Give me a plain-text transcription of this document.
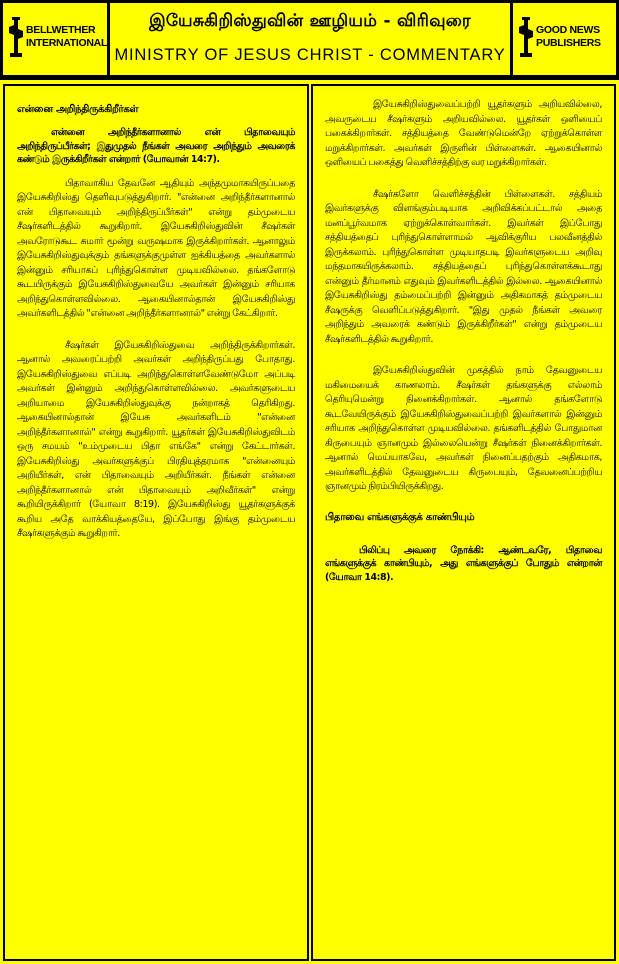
BELLWETHER
INTERNATIONAL
இயேசுகிறிஸ்துவின் ஊழியம் - விரிவுரை
MINISTRY OF JESUS CHRIST - COMMENTARY
GOOD NEWS
PUBLISHERS
என்னை அறிந்திருக்கிறீர்கள்

என்னை அறிந்தீர்களானால் என் பிதாவையும் அறிந்திருப்பீர்கள்; இதுமுதல் நீங்கள் அவரை அறிந்தும் அவரைக் கண்டும் இருக்கிறீர்கள் என்றார் (யோவான் 14:7).

பிதாவாகிய தேவனே ஆதியும் அந்தமுமாகயிருப்பதை இயேசுகிறிஸ்து தெளிவுபடுத்துகிறார். "என்னை அறிந்தீர்களானால் என் பிதாவையும் அறிந்திருப்பீர்கள்" என்று தம்முடைய சீஷர்களிடத்தில் கூறுகிறார். இயேசுகிறிஸ்துவின் சீஷர்கள் அவரோடுகூட சுமார் மூன்று வருஷமாக இருக்கிறார்கள். ஆனாலும் இயேசுகிறிஸ்துவுக்கும் தங்களுக்குமுள்ள ஐக்கியத்தை அவர்களால் இன்னும் சரியாகப் புரிந்துகொள்ள முடியவில்லை. தங்களோடு கூடயிருக்கும் இயேசுகிறிஸ்துவையே அவர்கள் இன்னும் சரியாக அறிந்துகொள்ளவில்லை. ஆகையினால்தான் இயேசுகிறிஸ்து அவர்களிடத்தில் "என்னை அறிந்தீர்களானால்" என்று கேட்கிறார்.

சீஷர்கள் இயேசுகிறிஸ்துவை அறிந்திருக்கிறார்கள். ஆனால் அவரைப்பற்றி அவர்கள் அறிந்திருப்பது போதாது. இயேசுகிறிஸ்துவை எப்படி அறிந்துகொள்ளவேண்டுமோ அப்படி அவர்கள் இன்னும் அறிந்துகொள்ளவில்லை. அவர்களுடைய அறியாமை இயேசுகிறிஸ்துவுக்கு நன்றாகத் தெரிகிறது. ஆகையினால்தான் இயேசு அவர்களிடம் "என்னை அறிந்தீர்களானால்" என்று கூறுகிறார். யூதர்கள் இயேசுகிறிஸ்துவிடம் ஒரு சமயம் "உம்முடைய பிதா எங்கே" என்று கேட்டார்கள். இயேசுகிறிஸ்து அவர்களுக்குப் பிரதியுத்தரமாக "என்னையும் அறியீர்கள், என் பிதாவையும் அறியீர்கள். நீங்கள் என்னை அறிந்தீர்களானால் என் பிதாவையும் அறிவீர்கள்" என்று கூறியிருக்கிறார் (யோவா 8:19). இயேசுகிறிஸ்து யூதர்களுக்குக் கூறிய அதே வாக்கியத்தையே, இப்போது இங்கு தம்முடைய சீஷர்களுக்கும் கூறுகிறார்.

இயேசுகிறிஸ்துவைப்பற்றி யூதர்களும் அறியவில்லை, அவருடைய சீஷர்களும் அறியவில்லை. யூதர்கள் ஒளியைப் பகைக்கிறார்கள். சத்தியத்தை வேண்டுமென்றே ஏற்றுக்கொள்ள மறுக்கிறார்கள். அவர்கள் இருளின் பிள்ளைகள். ஆகையினால் ஒளியைப் பகைத்து வெளிச்சத்திற்கு வர மறுக்கிறார்கள்.

சீஷர்களோ வெளிச்சத்தின் பிள்ளைகள். சத்தியம் இவர்களுக்கு விளங்கும்படியாக அறிவிக்கப்பட்டால் அதை மனப்பூர்வமாக ஏற்றுக்கொள்வார்கள். இவர்கள் இப்போது சத்தியத்தைப் புரிந்துகொள்ளாமல் ஆவிக்குரிய பலவீனத்தில் இருக்கலாம். புரிந்துகொள்ள முடியாதபடி இவர்களுடைய அறிவு மந்தமாகயிருக்கலாம். சத்தியத்தைப் புரிந்துகொள்ளக்கூடாது என்னும் தீர்மானம் எதுவும் இவர்களிடத்தில் இல்லை. ஆகையினால் இயேசுகிறிஸ்து தம்மைப்பற்றி இன்னும் அதிகமாகத் தம்முடைய சீஷருக்கு வெளிப்படுத்துகிறார். "இது முதல் நீங்கள் அவரை அறிந்தும் அவரைக் கண்டும் இருக்கிறீர்கள்" என்று தம்முடைய சீஷர்களிடத்தில் கூறுகிறார்.

இயேசுகிறிஸ்துவின் முகத்தில் நாம் தேவனுடைய மகிமையைக் காணலாம். சீஷர்கள் தங்களுக்கு எல்லாம் தெரியுமென்று நினைக்கிறார்கள். ஆனால் தங்களோடு கூடவேயிருக்கும் இயேசுகிறிஸ்துவைப்பற்றி இவர்களால் இன்னும் சரியாக அறிந்துகொள்ள முடியவில்லை. தங்களிடத்தில் போதுமான கிருபையும் ஞானமும் இல்லையென்று சீஷர்கள் நினைக்கிறார்கள். ஆனால் மெய்யாகவே, அவர்கள் நினைப்பதற்கும் அதிகமாக, அவர்களிடத்தில் தேவனுடைய கிருபையும், தேவனைப்பற்றிய ஞானமும் நிரம்பியிருக்கிறது.

பிதாவை எங்களுக்குக் காண்பியும்

பிலிப்பு அவரை நோக்கி: ஆண்டவரே, பிதாவை எங்களுக்குக் காண்பியும், அது எங்களுக்குப் போதும் என்றான் (யோவா 14:8).
